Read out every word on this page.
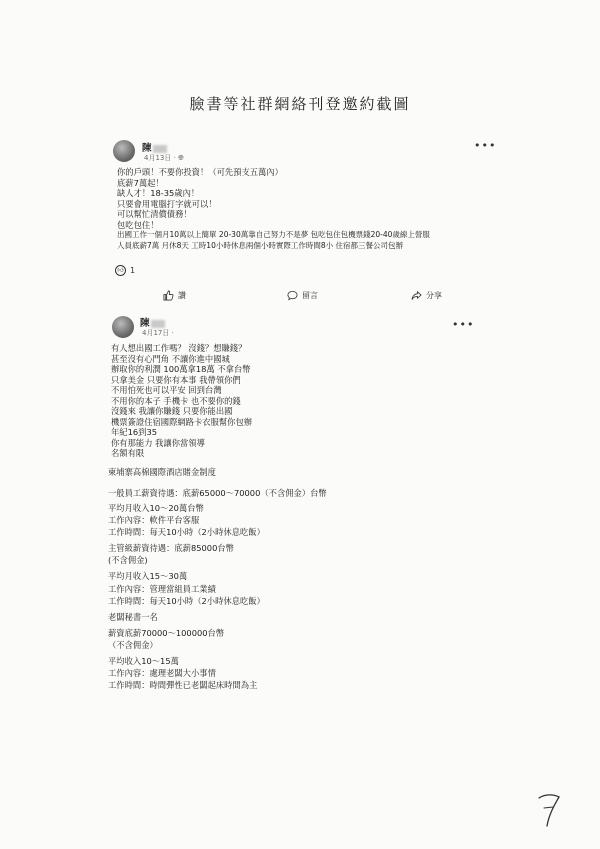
臉書等社群網絡刊登邀約截圖
陳
4月13日 · 🌐︎
•••
你的戶頭！不要你投資！（可先預支五萬內）
底薪7萬起！
缺人才！18-35歲內！
只要會用電腦打字就可以！
可以幫忙清償債務！
包吃包住！
出國工作一個月10萬以上簡單 20-30萬靠自己努力不是夢 包吃包住包機票錢20-40歲線上營服
人員底薪7萬 月休8天 工時10小時休息兩個小時實際工作時間8小 住宿都三餐公司包辦
👍︎ 1
讚	留言	分享
陳
4月17日 ·
•••
有人想出國工作嗎？ 沒錢？想賺錢？
甚至沒有心門角 不讓你進中國城
辦取你的利潤 100萬拿18萬 不拿台幣
只拿美金 只要你有本事 我帶領你們
不用怕死也可以平安 回到台灣
不用你的本子 手機卡 也不要你的錢
沒錢來 我讓你賺錢 只要你能出國
機票簽證住宿國際網路卡衣服幫你包辦
年紀16到35
你有那能力 我讓你當領導
名額有限
柬埔寨高棉國際酒店賭金制度
一般員工薪資待遇：底薪65000～70000（不含佣金）台幣
平均月收入10～20萬台幣
工作內容：軟件平台客服
工作時間：每天10小時（2小時休息吃飯）
主管級薪資待遇：底薪85000台幣
(不含佣金)
平均月收入15～30萬
工作內容：管理當組員工業績
工作時間：每天10小時（2小時休息吃飯）
老闆秘書一名
薪資底薪70000～100000台幣
（不含佣金）
平均收入10～15萬
工作內容：處理老闆大小事情
工作時間：時間彈性已老闆起床時間為主
